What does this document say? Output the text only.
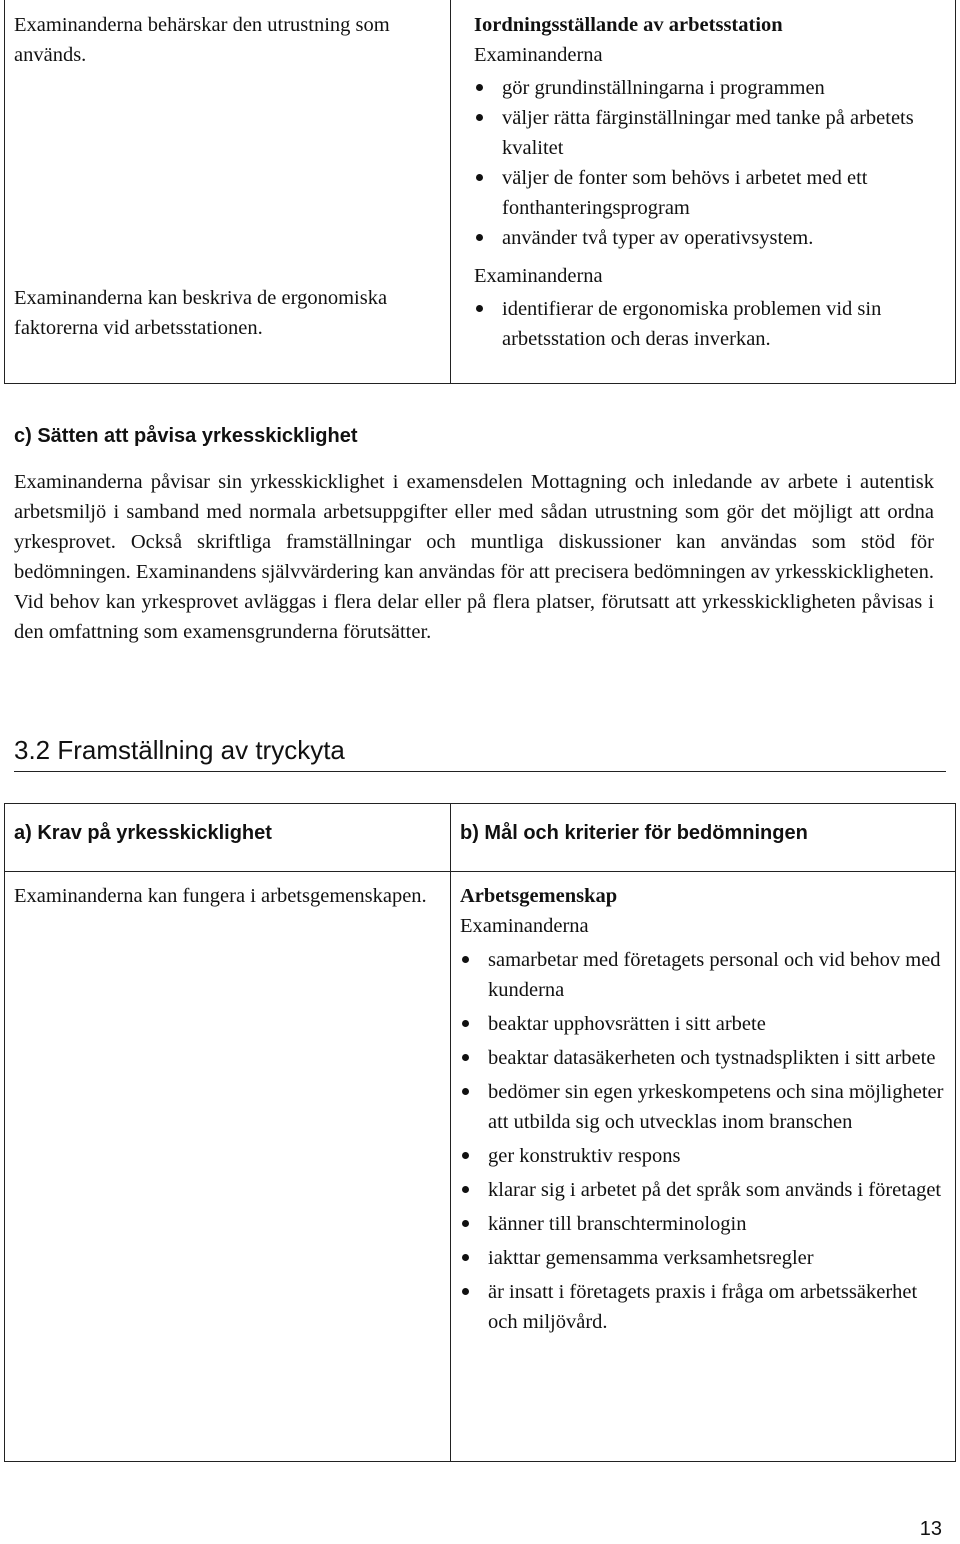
Examinanderna behärskar den utrustning som används.
Examinanderna kan beskriva de ergonomiska faktorerna vid arbetsstationen.
Iordningsställande av arbetsstation
Examinanderna
gör grundinställningarna i programmen
väljer rätta färginställningar med tanke på arbetets kvalitet
väljer de fonter som behövs i arbetet med ett fonthanteringsprogram
använder två typer av operativsystem.
Examinanderna
identifierar de ergonomiska problemen vid sin arbetsstation och deras inverkan.
c) Sätten att påvisa yrkesskicklighet

Examinanderna påvisar sin yrkesskicklighet i examensdelen Mottagning och inledande av arbete i autentisk arbetsmiljö i samband med normala arbetsuppgifter eller med sådan utrustning som gör det möjligt att ordna yrkesprovet. Också skriftliga framställningar och muntliga diskussioner kan användas som stöd för bedömningen. Examinandens självvärdering kan användas för att precisera bedömningen av yrkesskickligheten. Vid behov kan yrkesprovet avläggas i flera delar eller på flera platser, förutsatt att yrkesskickligheten påvisas i den omfattning som examensgrunderna förutsätter.

3.2 Framställning av tryckyta
a) Krav på yrkesskicklighet	b) Mål och kriterier för bedömningen
Examinanderna kan fungera i arbetsgemenskapen.	Arbetsgemenskap
Examinanderna
samarbetar med företagets personal och vid behov med kunderna
beaktar upphovsrätten i sitt arbete
beaktar datasäkerheten och tystnadsplikten i sitt arbete
bedömer sin egen yrkeskompetens och sina möjligheter att utbilda sig och utvecklas inom branschen
ger konstruktiv respons
klarar sig i arbetet på det språk som används i företaget
känner till branschterminologin
iakttar gemensamma verksamhetsregler
är insatt i företagets praxis i fråga om arbetssäkerhet och miljövård.
13
